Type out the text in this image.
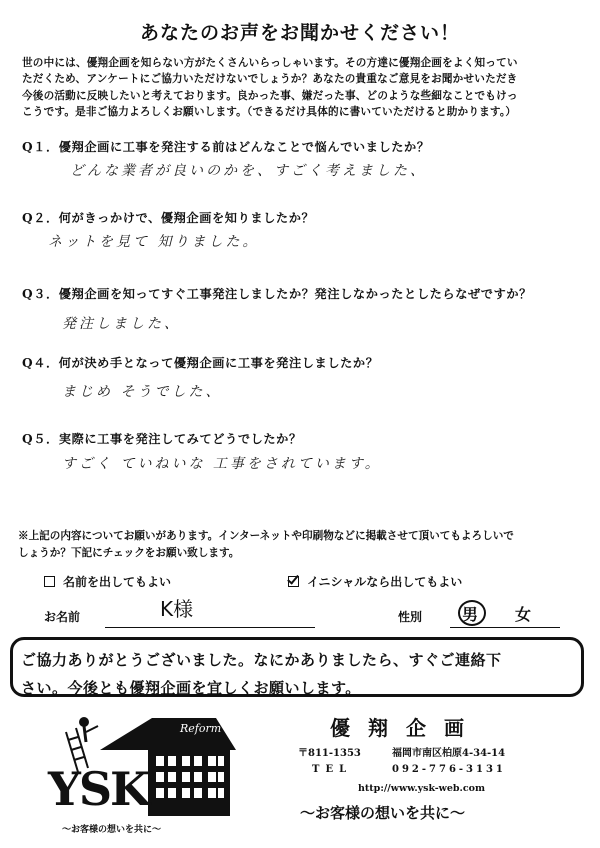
あなたのお声をお聞かせください！
世の中には、優翔企画を知らない方がたくさんいらっしゃいます。その方達に優翔企画をよく知ってい
ただくため、アンケートにご協力いただけないでしょうか？あなたの貴重なご意見をお聞かせいただき
今後の活動に反映したいと考えております。良かった事、嫌だった事、どのような些細なことでもけっ
こうです。是非ご協力よろしくお願いします。（できるだけ具体的に書いていただけると助かります。）
Q１．優翔企画に工事を発注する前はどんなことで悩んでいましたか？
どんな業者が良いのかを、すごく考えました、
Q２．何がきっかけで、優翔企画を知りましたか？
ネットを見て 知りました。
Q３．優翔企画を知ってすぐ工事発注しましたか？発注しなかったとしたらなぜですか？
発注しました、
Q４．何が決め手となって優翔企画に工事を発注しましたか？
まじめ そうでした、
Q５．実際に工事を発注してみてどうでしたか？
すごく ていねいな 工事をされています。
※上記の内容についてお願いがあります。インターネットや印刷物などに掲載させて頂いてもよろしいで
しょうか？下記にチェックをお願い致します。
名前を出してもよい	イニシャルなら出してもよい
お名前	K様	性別 男 女
ご協力ありがとうございました。なにかありましたら、すぐご連絡下
さい。今後とも優翔企画を宜しくお願いします。
Reform
YSK
～お客様の想いを共に～
優翔企画
〒811-1353	福岡市南区柏原4-34-14
TEL	092-776-3131
http://www.ysk-web.com
～お客様の想いを共に～
